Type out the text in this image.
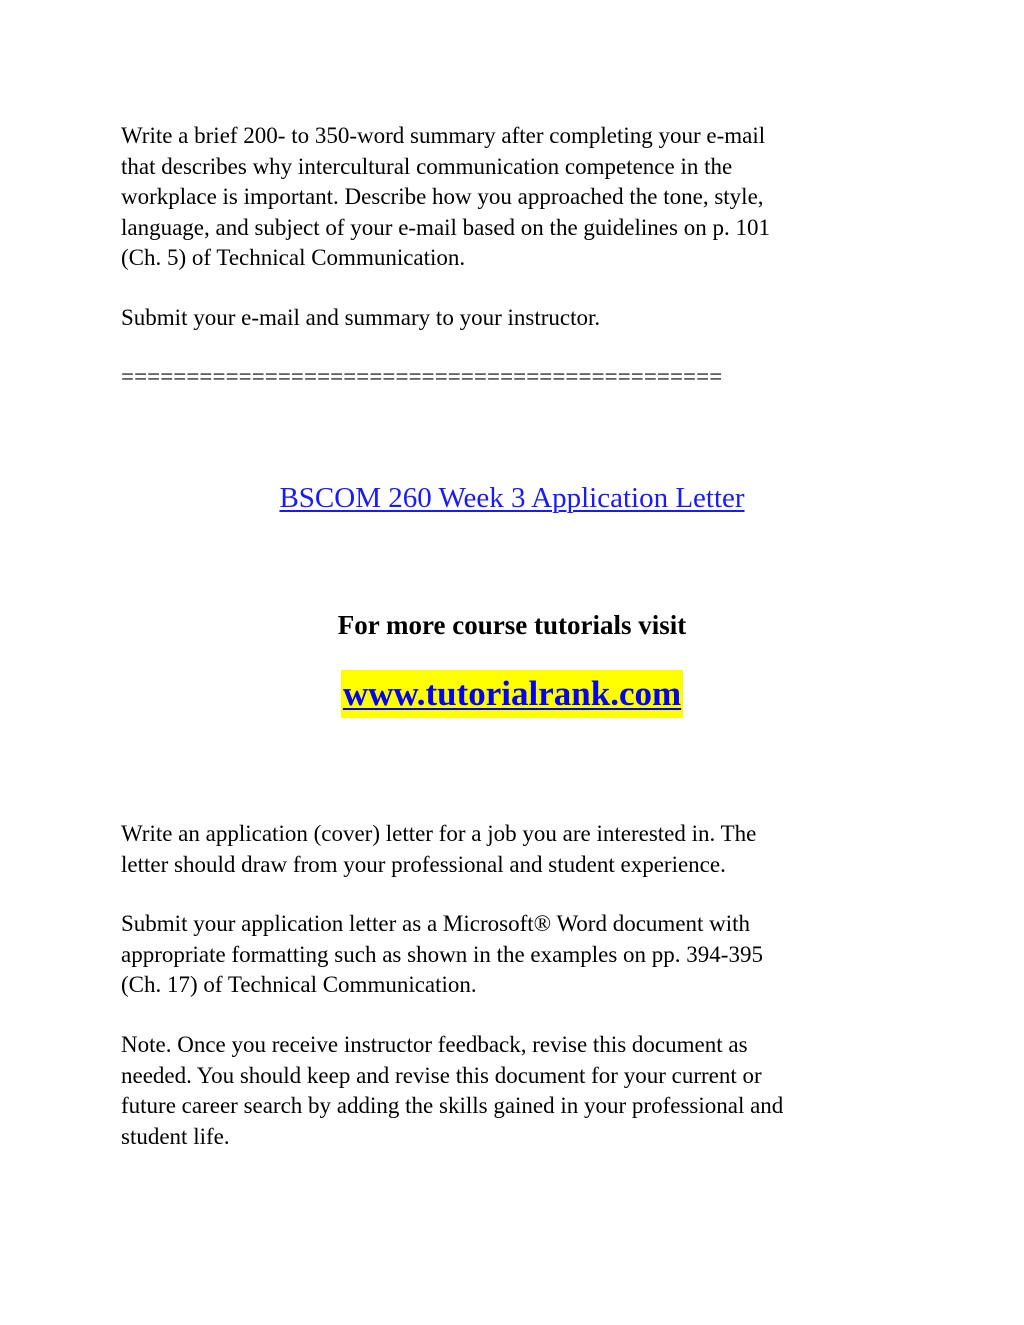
Write a brief 200- to 350-word summary after completing your e-mail
that describes why intercultural communication competence in the
workplace is important. Describe how you approached the tone, style,
language, and subject of your e-mail based on the guidelines on p. 101
(Ch. 5) of Technical Communication.

Submit your e-mail and summary to your instructor.

==============================================
BSCOM 260 Week 3 Application Letter
For more course tutorials visit
www.tutorialrank.com

Write an application (cover) letter for a job you are interested in. The
letter should draw from your professional and student experience.

Submit your application letter as a Microsoft® Word document with
appropriate formatting such as shown in the examples on pp. 394-395
(Ch. 17) of Technical Communication.

Note. Once you receive instructor feedback, revise this document as
needed. You should keep and revise this document for your current or
future career search by adding the skills gained in your professional and
student life.
